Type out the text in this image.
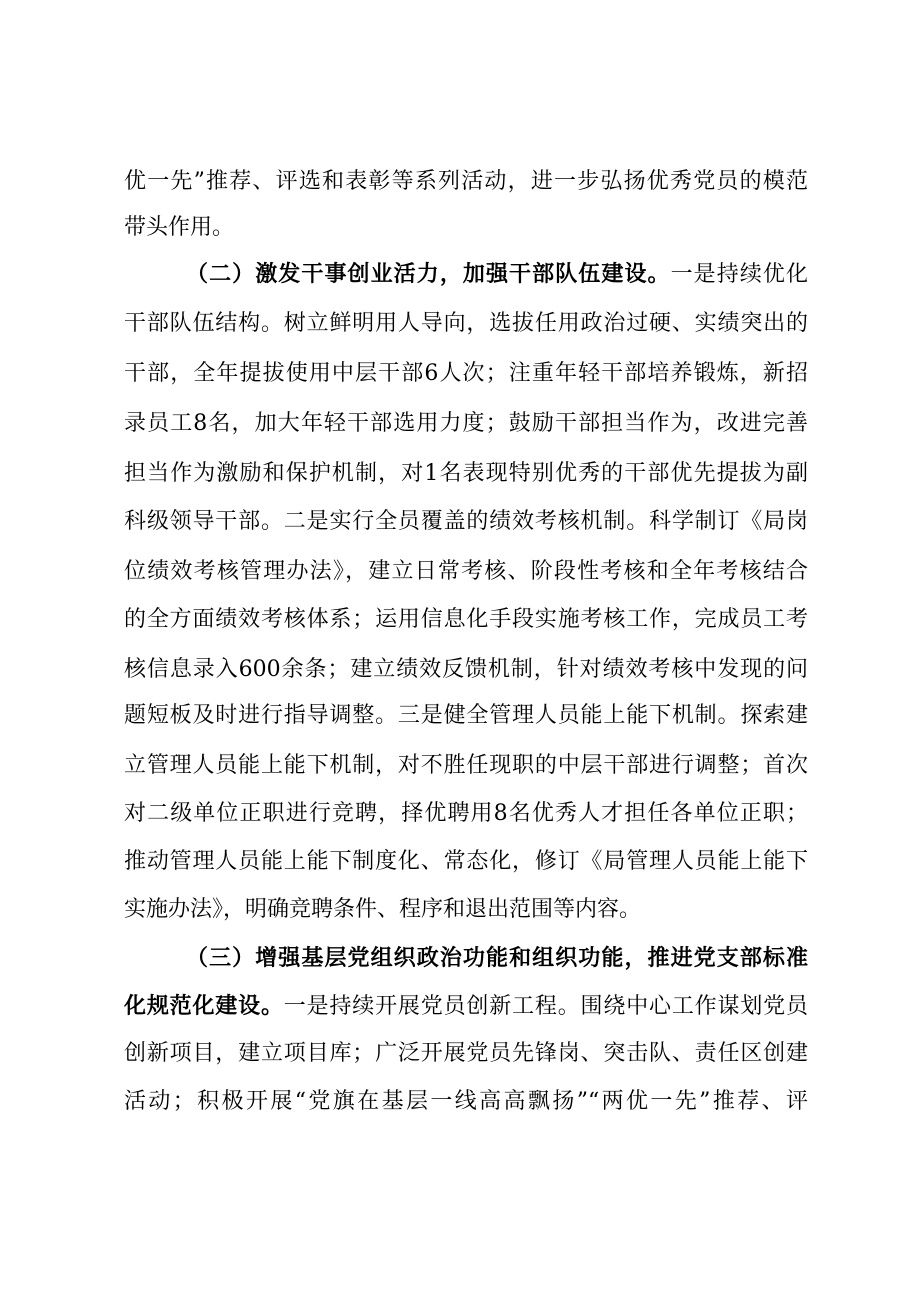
优一先”推荐、评选和表彰等系列活动，进一步弘扬优秀党员的模范
带头作用。
（二）激发干事创业活力，加强干部队伍建设。一是持续优化
干部队伍结构。树立鲜明用人导向，选拔任用政治过硬、实绩突出的
干部，全年提拔使用中层干部6人次；注重年轻干部培养锻炼，新招
录员工8名，加大年轻干部选用力度；鼓励干部担当作为，改进完善
担当作为激励和保护机制，对1名表现特别优秀的干部优先提拔为副
科级领导干部。二是实行全员覆盖的绩效考核机制。科学制订《局岗
位绩效考核管理办法》，建立日常考核、阶段性考核和全年考核结合
的全方面绩效考核体系；运用信息化手段实施考核工作，完成员工考
核信息录入600余条；建立绩效反馈机制，针对绩效考核中发现的问
题短板及时进行指导调整。三是健全管理人员能上能下机制。探索建
立管理人员能上能下机制，对不胜任现职的中层干部进行调整；首次
对二级单位正职进行竞聘，择优聘用8名优秀人才担任各单位正职；
推动管理人员能上能下制度化、常态化，修订《局管理人员能上能下
实施办法》，明确竞聘条件、程序和退出范围等内容。
（三）增强基层党组织政治功能和组织功能，推进党支部标准
化规范化建设。一是持续开展党员创新工程。围绕中心工作谋划党员
创新项目，建立项目库；广泛开展党员先锋岗、突击队、责任区创建
活动；积极开展“党旗在基层一线高高飘扬”“两优一先”推荐、评
